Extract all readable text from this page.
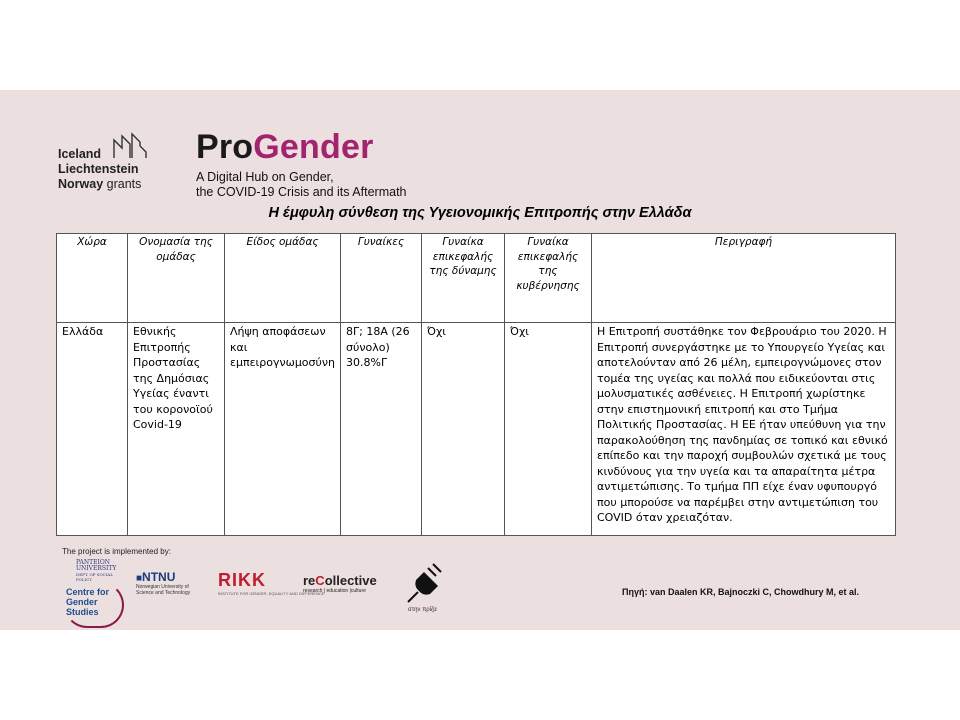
Iceland
Liechtenstein
Norway grants
ProGender
A Digital Hub on Gender,
the COVID-19 Crisis and its Aftermath
Η έμφυλη σύνθεση της Υγειονομικής Επιτροπής στην Ελλάδα
Χώρα	Ονομασία της ομάδας	Είδος ομάδας	Γυναίκες	Γυναίκα επικεφαλής της δύναμης	Γυναίκα επικεφαλής της κυβέρνησης	Περιγραφή
Ελλάδα	Εθνικής Επιτροπής Προστασίας της Δημόσιας Υγείας έναντι του κορονοϊού Covid-19	Λήψη αποφάσεων και εμπειρογνωμοσύνη	8Γ; 18Α (26 σύνολο) 30.8%Γ	Όχι	Όχι	Η Επιτροπή συστάθηκε τον Φεβρουάριο του 2020. Η Επιτροπή συνεργάστηκε με το Υπουργείο Υγείας και αποτελούνταν από 26 μέλη, εμπειρογνώμονες στον τομέα της υγείας και πολλά που ειδικεύονται στις μολυσματικές ασθένειες. Η Επιτροπή χωρίστηκε στην επιστημονική επιτροπή και στο Τμήμα Πολιτικής Προστασίας. Η ΕΕ ήταν υπεύθυνη για την παρακολούθηση της πανδημίας σε τοπικό και εθνικό επίπεδο και την παροχή συμβουλών σχετικά με τους κινδύνους για την υγεία και τα απαραίτητα μέτρα αντιμετώπισης. Το τμήμα ΠΠ είχε έναν υφυπουργό που μπορούσε να παρέμβει στην αντιμετώπιση του COVID όταν χρειαζόταν.
The project is implemented by:
PANTEION
UNIVERSITY
DEPT. OF SOCIAL POLICY
Centre for
Gender
Studies
■NTNU
Norwegian University of
Science and Technology
RIKK
INSTITUTE FOR GENDER, EQUALITY AND DIFFERENCE
reCollective
research | education |culture
στην πρίζα
Πηγή: van Daalen KR, Bajnoczki C, Chowdhury M, et al.
